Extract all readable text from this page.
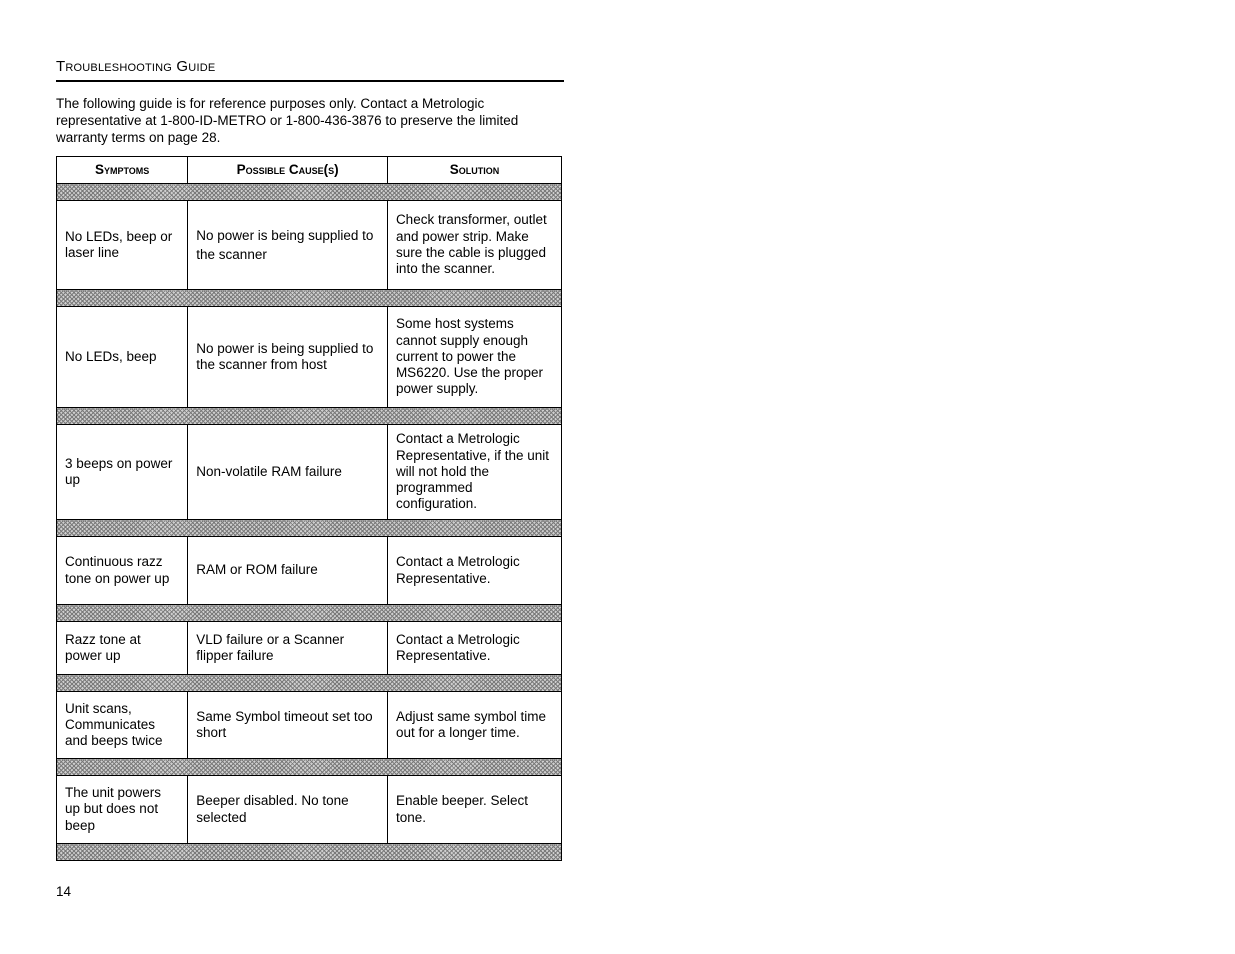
Troubleshooting Guide
The following guide is for reference purposes only. Contact a Metrologic representative at 1-800-ID-METRO or 1-800-436-3876 to preserve the limited warranty terms on page 28.
Symptoms	Possible Cause(s)	Solution

No LEDs, beep or laser line	No power is being supplied to the scanner	Check transformer, outlet and power strip. Make sure the cable is plugged into the scanner.

No LEDs, beep	No power is being supplied to the scanner from host	Some host systems cannot supply enough current to power the MS6220. Use the proper power supply.

3 beeps on power up	Non-volatile RAM failure	Contact a Metrologic Representative, if the unit will not hold the programmed configuration.

Continuous razz tone on power up	RAM or ROM failure	Contact a Metrologic Representative.

Razz tone at power up	VLD failure or a Scanner flipper failure	Contact a Metrologic Representative.

Unit scans, Communicates and beeps twice	Same Symbol timeout set too short	Adjust same symbol time out for a longer time.

The unit powers up but does not beep	Beeper disabled. No tone selected	Enable beeper. Select tone.

14
